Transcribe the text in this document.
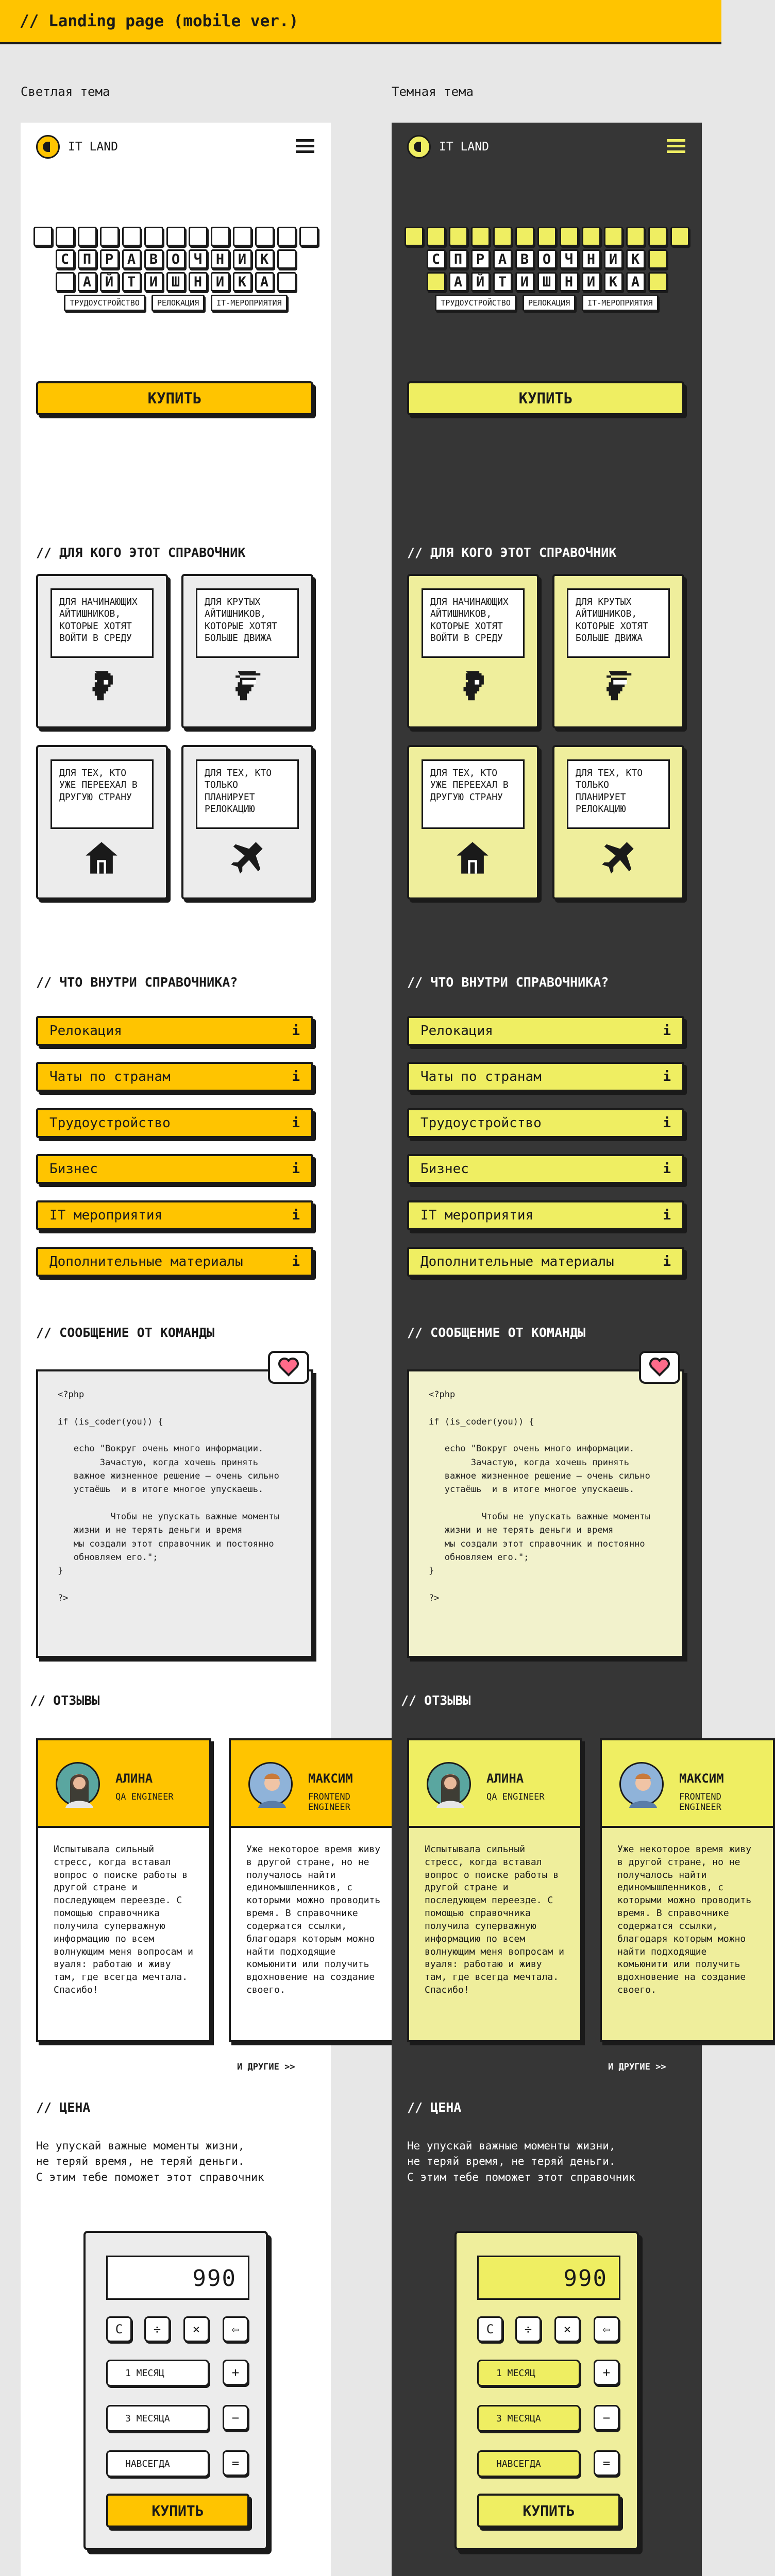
// Landing page (mobile ver.)
Светлая тема	Темная тема
IT LAND
С П Р А В О Ч Н И К
А Й Т И Ш Н И К А
ТРУДОУСТРОЙСТВО	РЕЛОКАЦИЯ	IT-МЕРОПРИЯТИЯ
КУПИТЬ
// ДЛЯ КОГО ЭТОТ СПРАВОЧНИК
ДЛЯ НАЧИНАЮЩИХ АЙТИШНИКОВ, КОТОРЫЕ ХОТЯТ ВОЙТИ В СРЕДУ
ДЛЯ КРУТЫХ АЙТИШНИКОВ, КОТОРЫЕ ХОТЯТ БОЛЬШЕ ДВИЖА
ДЛЯ ТЕХ, КТО УЖЕ ПЕРЕЕХАЛ В ДРУГУЮ СТРАНУ
ДЛЯ ТЕХ, КТО ТОЛЬКО ПЛАНИРУЕТ РЕЛОКАЦИЮ
// ЧТО ВНУТРИ СПРАВОЧНИКА?
Релокация	i
Чаты по странам	i
Трудоустройство	i
Бизнес	i
IT мероприятия	i
Дополнительные материалы	i
// СООБЩЕНИЕ ОТ КОМАНДЫ
<?php

if (is_coder(you)) {

echo "Вокруг очень много информации.
Зачастую, когда хочешь принять
важное жизненное решение – очень сильно
устаёшь  и в итоге многое упускаешь.

Чтобы не упускать важные моменты
жизни и не терять деньги и время
мы создали этот справочник и постоянно
обновляем его.";
}

?>
// ОТЗЫВЫ
АЛИНА
QA ENGINEER
Испытывала сильный стресс, когда вставал вопрос о поиске работы в другой стране и последующем переезде. С помощью справочника получила суперважную информацию по всем волнующим меня вопросам и вуаля: работаю и живу там, где всегда мечтала. Спасибо!
МАКСИМ
FRONTEND ENGINEER
Уже некоторое время живу в другой стране, но не получалось найти единомышленников, с которыми можно проводить время. В справочнике содержатся ссылки, благодаря которым можно найти подходящие комьюнити или получить вдохновение на создание своего.
И ДРУГИЕ >>
// ЦЕНА
Не упускай важные моменты жизни,
не теряй время, не теряй деньги.
С этим тебе поможет этот справочник
990
C	÷	×	⇦
1 МЕСЯЦ	+
3 МЕСЯЦА	−
НАВСЕГДА	=
КУПИТЬ
IT LAND
С П Р А В О Ч Н И К
А Й Т И Ш Н И К А
ТРУДОУСТРОЙСТВО	РЕЛОКАЦИЯ	IT-МЕРОПРИЯТИЯ
КУПИТЬ
// ДЛЯ КОГО ЭТОТ СПРАВОЧНИК
ДЛЯ НАЧИНАЮЩИХ АЙТИШНИКОВ, КОТОРЫЕ ХОТЯТ ВОЙТИ В СРЕДУ
ДЛЯ КРУТЫХ АЙТИШНИКОВ, КОТОРЫЕ ХОТЯТ БОЛЬШЕ ДВИЖА
ДЛЯ ТЕХ, КТО УЖЕ ПЕРЕЕХАЛ В ДРУГУЮ СТРАНУ
ДЛЯ ТЕХ, КТО ТОЛЬКО ПЛАНИРУЕТ РЕЛОКАЦИЮ
// ЧТО ВНУТРИ СПРАВОЧНИКА?
Релокация	i
Чаты по странам	i
Трудоустройство	i
Бизнес	i
IT мероприятия	i
Дополнительные материалы	i
// СООБЩЕНИЕ ОТ КОМАНДЫ
<?php

if (is_coder(you)) {

echo "Вокруг очень много информации.
Зачастую, когда хочешь принять
важное жизненное решение – очень сильно
устаёшь  и в итоге многое упускаешь.

Чтобы не упускать важные моменты
жизни и не терять деньги и время
мы создали этот справочник и постоянно
обновляем его.";
}

?>
// ОТЗЫВЫ
АЛИНА
QA ENGINEER
Испытывала сильный стресс, когда вставал вопрос о поиске работы в другой стране и последующем переезде. С помощью справочника получила суперважную информацию по всем волнующим меня вопросам и вуаля: работаю и живу там, где всегда мечтала. Спасибо!
МАКСИМ
FRONTEND ENGINEER
Уже некоторое время живу в другой стране, но не получалось найти единомышленников, с которыми можно проводить время. В справочнике содержатся ссылки, благодаря которым можно найти подходящие комьюнити или получить вдохновение на создание своего.
И ДРУГИЕ >>
// ЦЕНА
Не упускай важные моменты жизни,
не теряй время, не теряй деньги.
С этим тебе поможет этот справочник
990
C	÷	×	⇦
1 МЕСЯЦ	+
3 МЕСЯЦА	−
НАВСЕГДА	=
КУПИТЬ
